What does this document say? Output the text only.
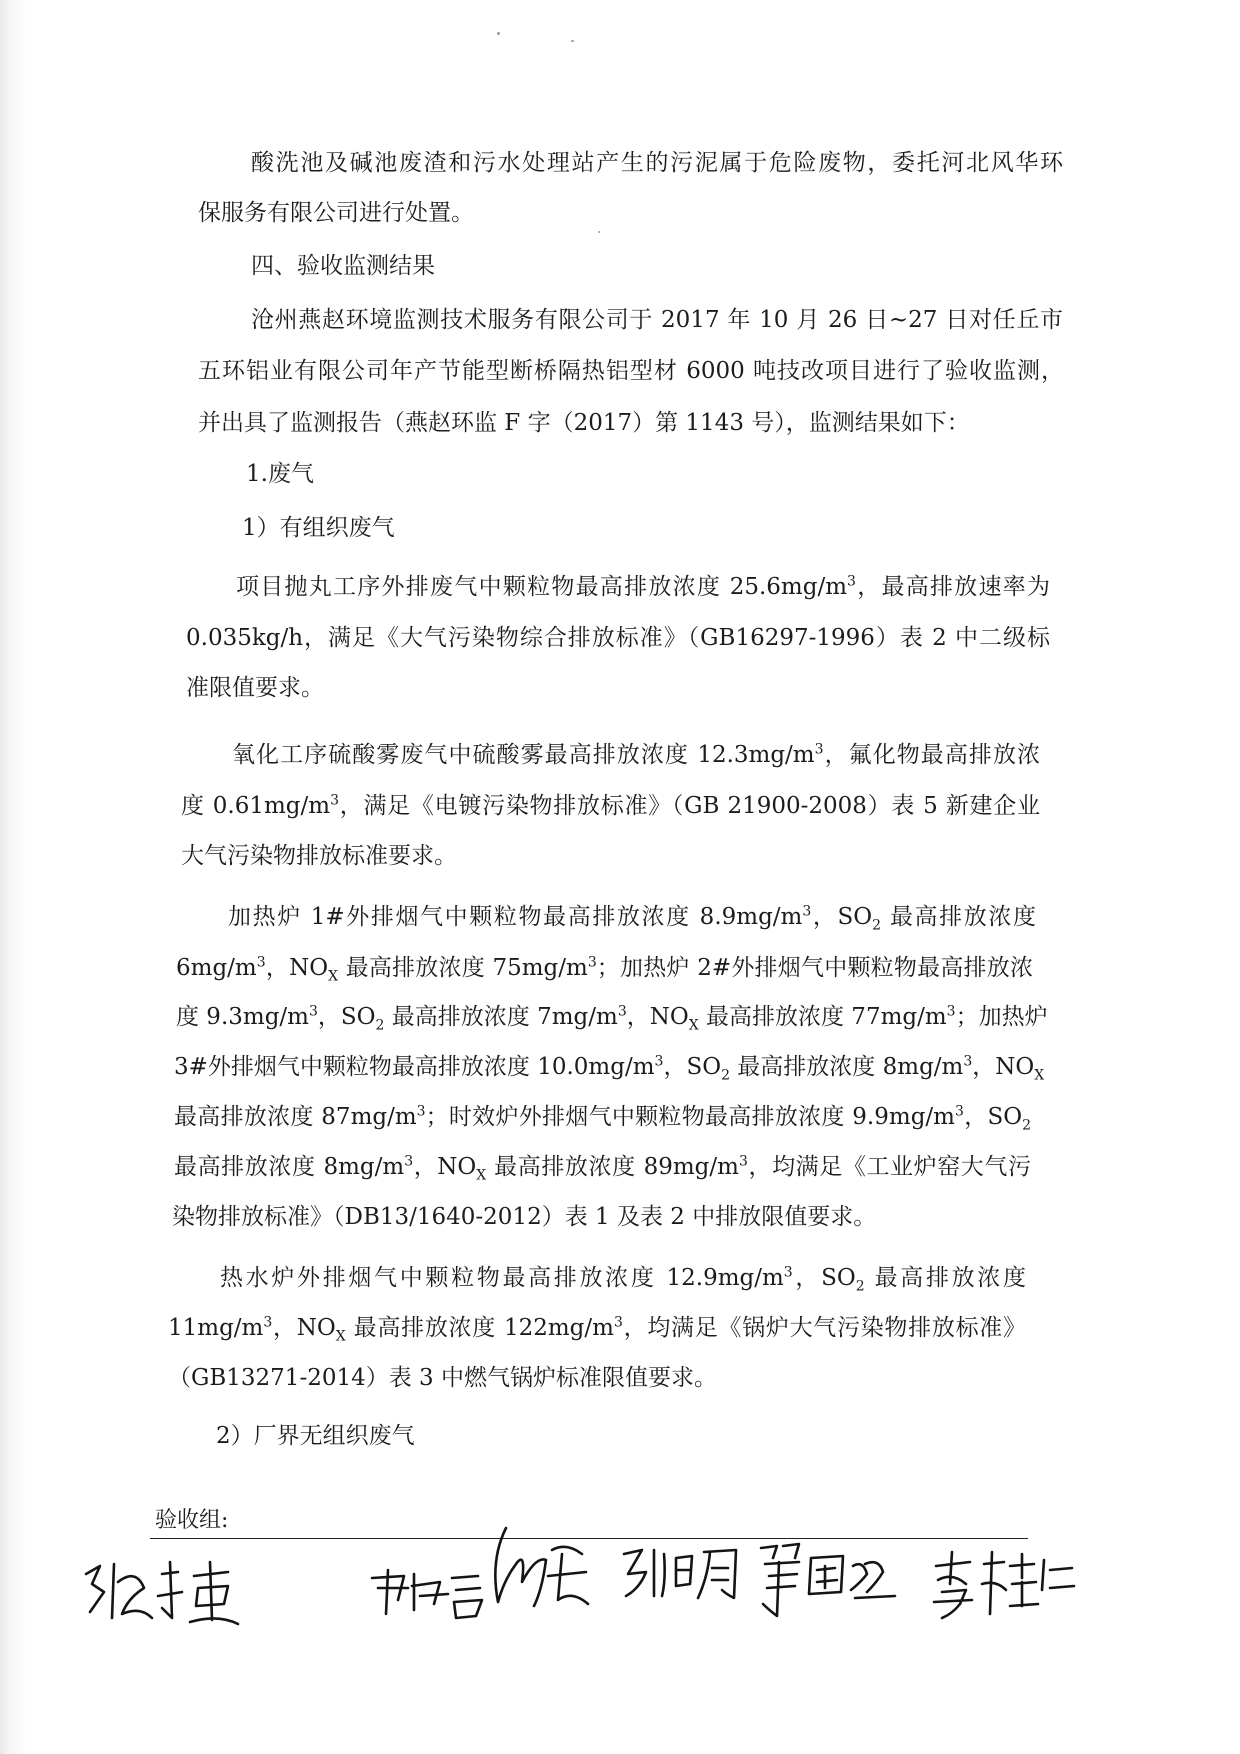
酸洗池及碱池废渣和污水处理站产生的污泥属于危险废物，委托河北风华环
保服务有限公司进行处置。
四、验收监测结果
沧州燕赵环境监测技术服务有限公司于 2017 年 10 月 26 日~27 日对任丘市
五环铝业有限公司年产节能型断桥隔热铝型材 6000 吨技改项目进行了验收监测，
并出具了监测报告（燕赵环监 F 字（2017）第 1143 号），监测结果如下：
1.废气
1）有组织废气
项目抛丸工序外排废气中颗粒物最高排放浓度 $25.6mg/m^3$，最高排放速率为
0.035kg/h，满足《大气污染物综合排放标准》（GB16297-1996）表 2 中二级标
准限值要求。
氧化工序硫酸雾废气中硫酸雾最高排放浓度 $12.3mg/m^3$，氟化物最高排放浓
度 $0.61mg/m^3$，满足《电镀污染物排放标准》（GB 21900-2008）表 5 新建企业
大气污染物排放标准要求。
加热炉 1#外排烟气中颗粒物最高排放浓度 $8.9mg/m^3$，$SO_2$ 最高排放浓度
$6mg/m^3$，$NO_X$ 最高排放浓度 $75mg/m^3$；加热炉 2#外排烟气中颗粒物最高排放浓
度 $9.3mg/m^3$，$SO_2$ 最高排放浓度 $7mg/m^3$，$NO_X$ 最高排放浓度 $77mg/m^3$；加热炉
3#外排烟气中颗粒物最高排放浓度 $10.0mg/m^3$，$SO_2$ 最高排放浓度 $8mg/m^3$，$NO_X$
最高排放浓度 $87mg/m^3$；时效炉外排烟气中颗粒物最高排放浓度 $9.9mg/m^3$，$SO_2$
最高排放浓度 $8mg/m^3$，$NO_X$ 最高排放浓度 $89mg/m^3$，均满足《工业炉窑大气污
染物排放标准》（DB13/1640-2012）表 1 及表 2 中排放限值要求。
热水炉外排烟气中颗粒物最高排放浓度 $12.9mg/m^3$，$SO_2$ 最高排放浓度
$11mg/m^3$，$NO_X$ 最高排放浓度 $122mg/m^3$，均满足《锅炉大气污染物排放标准》
（GB13271-2014）表 3 中燃气锅炉标准限值要求。
2）厂界无组织废气
验收组:
